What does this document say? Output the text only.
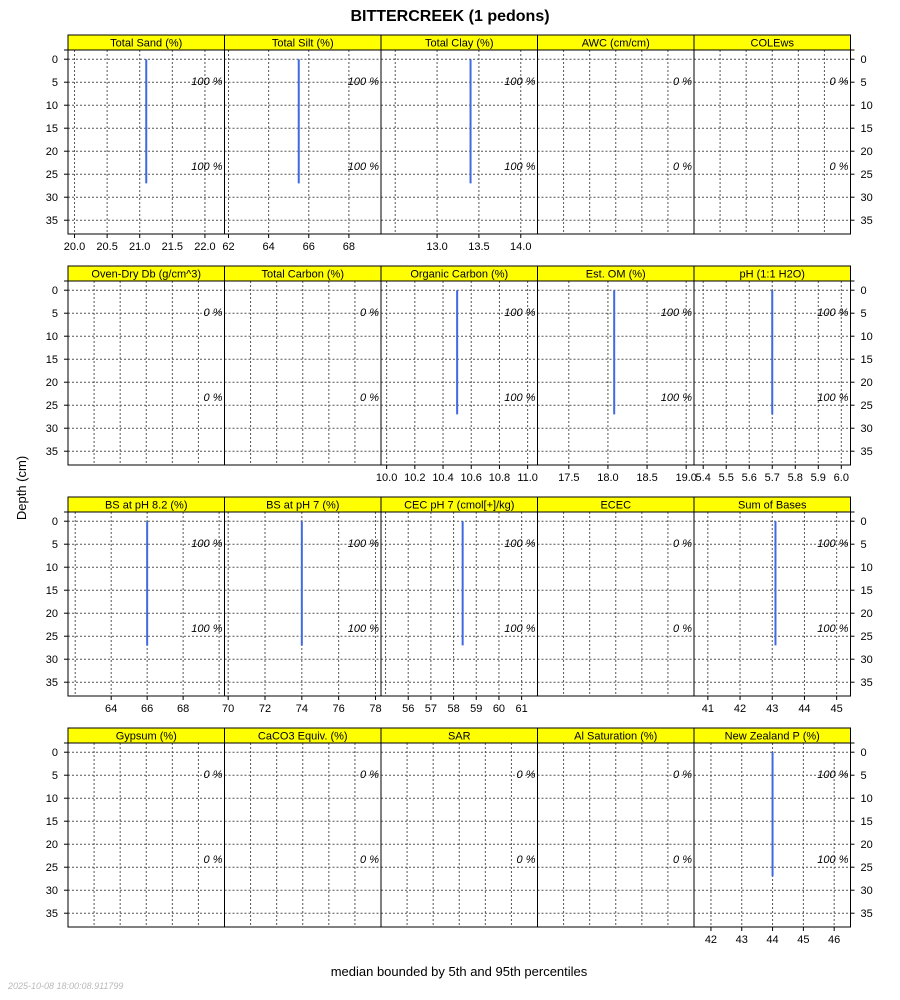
BITTERCREEK (1 pedons)
Depth (cm)
median bounded by 5th and 95th percentiles
2025-10-08 18:00:08.911799
Total Sand (%)
100 %
100 %
20.0 20.5 21.0 21.5 22.0
Total Silt (%)
100 %
100 %
62	64	66	68
Total Clay (%)
100 %
100 %
13.0 13.5 14.0
AWC (cm/cm)
0 %
0 %
COLEws
0 %
0 %
Oven-Dry Db (g/cm^3)
0 %
0 %
Total Carbon (%)
0 %
0 %
Organic Carbon (%)
100 %
100 %
10.0 10.2 10.4 10.6 10.8 11.0
Est. OM (%)
100 %
100 %
17.5 18.0 18.5 19.0
pH (1:1 H2O)
100 %
100 %
5.4 5.5 5.6 5.7 5.8 5.9 6.0
BS at pH 8.2 (%)
100 %
100 %
64 66 68
BS at pH 7 (%)
100 %
100 %
70 72 74 76 78
CEC pH 7 (cmol[+]/kg)
100 %
100 %
56 57 58 59 60 61
ECEC
0 %
0 %
Sum of Bases
100 %
100 %
41 42 43 44 45
Gypsum (%)
0 %
0 %
CaCO3 Equiv. (%)
0 %
0 %
SAR
0 %
0 %
Al Saturation (%)
0 %
0 %
New Zealand P (%)
100 %
100 %
42 43 44 45 46
0	0
5	5
10	10
15	15
20	20
25	25
30	30
35	35
0	0
5	5
10	10
15	15
20	20
25	25
30	30
35	35
0	0
5	5
10	10
15	15
20	20
25	25
30	30
35	35
0	0
5	5
10	10
15	15
20	20
25	25
30	30
35	35
